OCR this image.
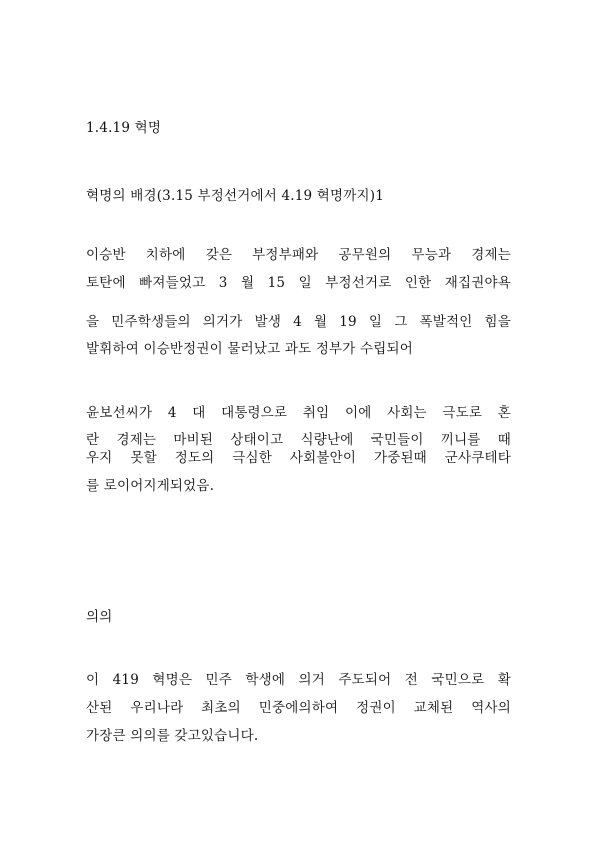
1.4.19 혁명
혁명의 배경(3.15 부정선거에서 4.19 혁명까지)1
이승반 치하에 갖은 부정부패와 공무원의 무능과 경제는
토탄에 빠져들었고 3 월 15 일 부정선거로 인한 재집권야욕
을 민주학생들의 의거가 발생 4 월 19 일 그 폭발적인 힘을
발휘하여 이승반정권이 물러났고 과도 정부가 수립되어
윤보선씨가 4 대 대통령으로 취임 이에 사회는 극도로 혼
란 경제는 마비된 상태이고 식량난에 국민들이 끼니를 때
우지 못할 정도의 극심한 사회불안이 가중된때 군사쿠테타
를 로이어지게되었음.
의의
이 419 혁명은 민주 학생에 의거 주도되어 전 국민으로 확
산된 우리나라 최초의 민중에의하여 정권이 교체된 역사의
가장큰 의의를 갖고있습니다.
